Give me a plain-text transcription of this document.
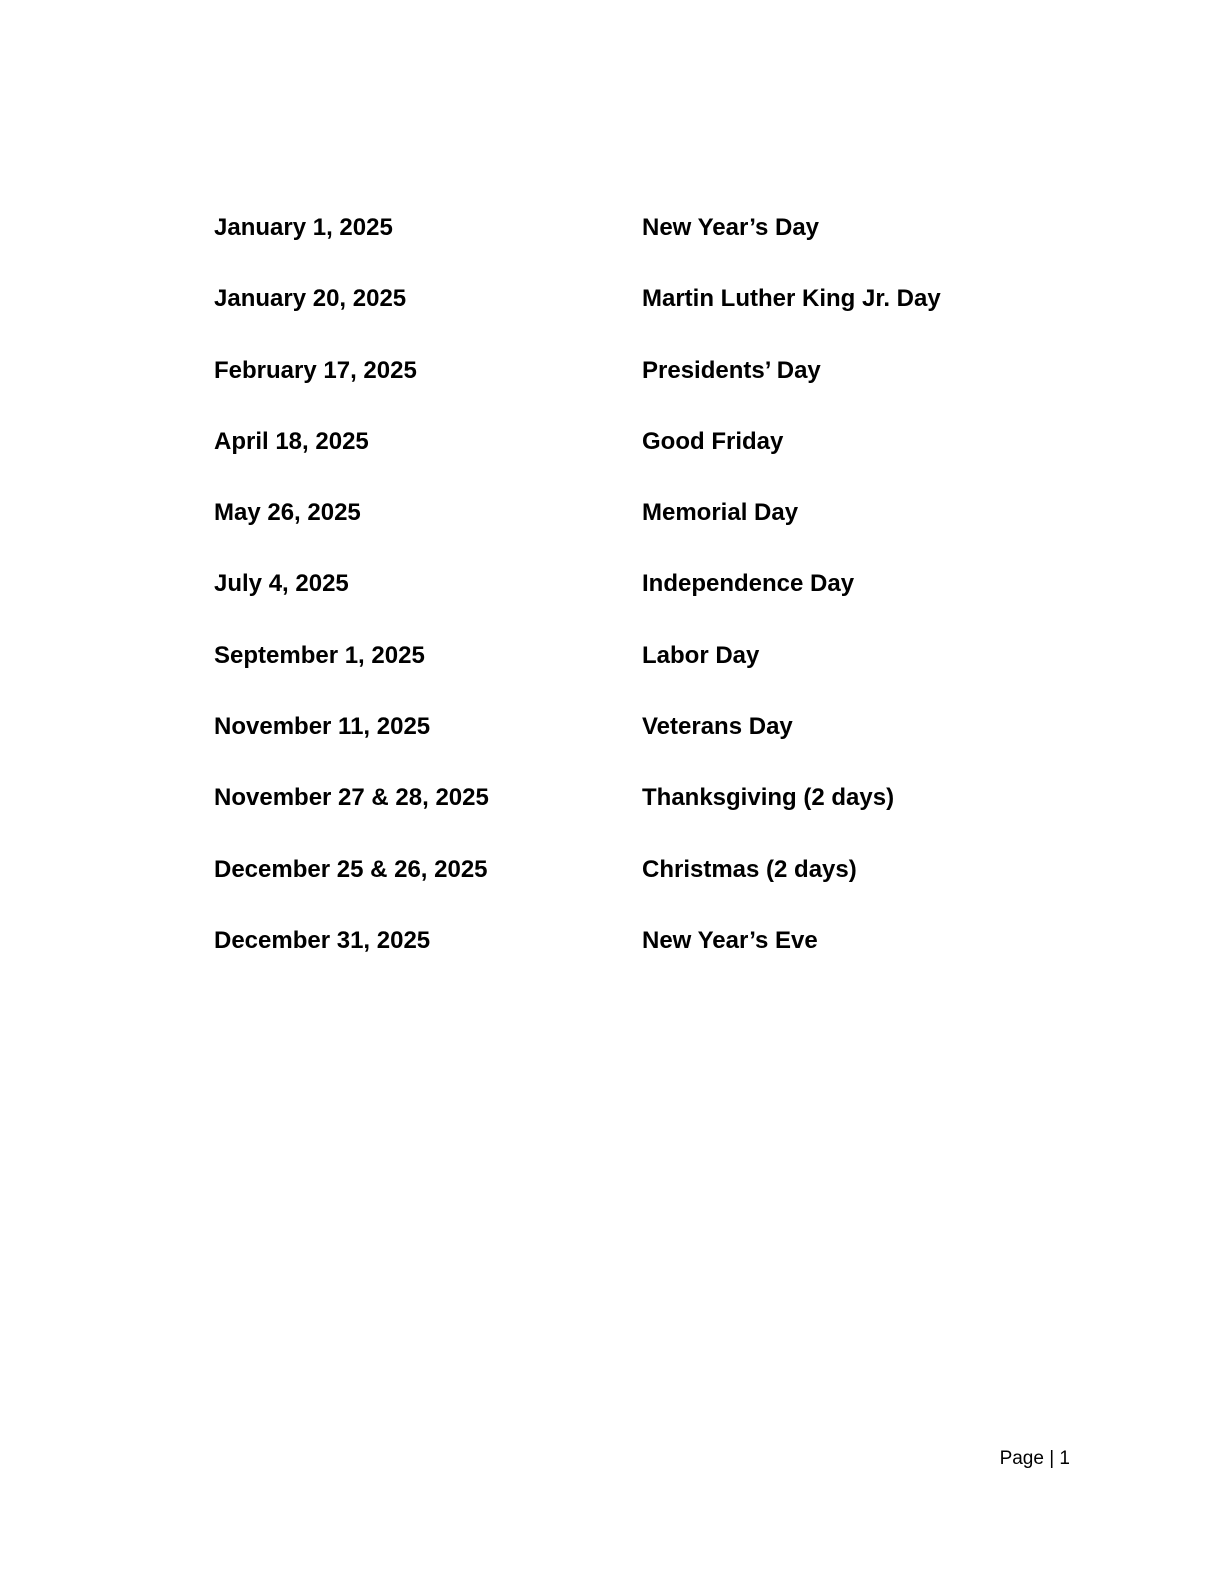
January 1, 2025	New Year’s Day
January 20, 2025	Martin Luther King Jr. Day
February 17, 2025	Presidents’ Day
April 18, 2025	Good Friday
May 26, 2025	Memorial Day
July 4, 2025	Independence Day
September 1, 2025	Labor Day
November 11, 2025	Veterans Day
November 27 & 28, 2025	Thanksgiving (2 days)
December 25 & 26, 2025	Christmas (2 days)
December 31, 2025	New Year’s Eve
Page | 1
